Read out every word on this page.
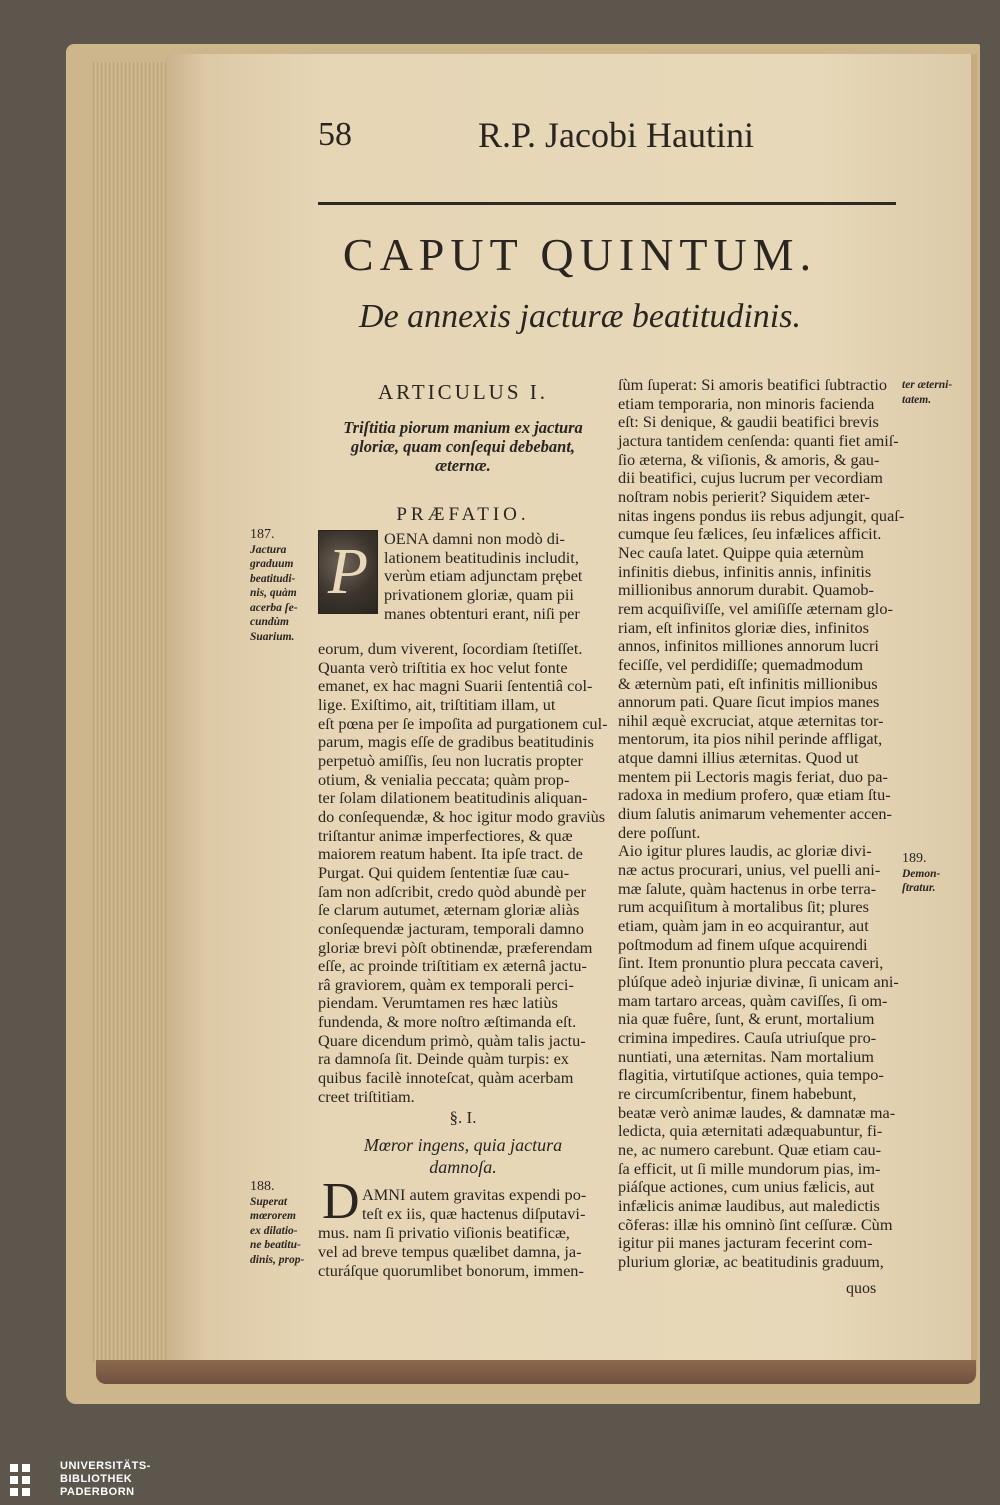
58	R.P. Jacobi Hautini
CAPUT QUINTUM.
De annexis jacturæ beatitudinis.
ARTICULUS I.
Triſtitia piorum manium ex jactura
gloriæ, quam conſequi debebant,
æternæ.
PRÆFATIO.
P OENA damni non modò di-
lationem beatitudinis includit,
verùm etiam adjunctam prębet
privationem gloriæ, quam pii
manes obtenturi erant, niſi per
eorum, dum viverent, ſocordiam ſtetiſſet.
Quanta verò triſtitia ex hoc velut fonte
emanet, ex hac magni Suarii ſententiâ col-
lige. Exiſtimo, ait, triſtitiam illam, ut
eſt pœna per ſe impoſita ad purgationem cul-
parum, magis eſſe de gradibus beatitudinis
perpetuò amiſſis, ſeu non lucratis propter
otium, & venialia peccata; quàm prop-
ter ſolam dilationem beatitudinis aliquan-
do conſequendæ, & hoc igitur modo graviùs
triſtantur animæ imperfectiores, & quæ
maiorem reatum habent. Ita ipſe tract. de
Purgat. Qui quidem ſententiæ ſuæ cau-
ſam non adſcribit, credo quòd abundè per
ſe clarum autumet, æternam gloriæ aliàs
conſequendæ jacturam, temporali damno
gloriæ brevi pòſt obtinendæ, præferendam
eſſe, ac proinde triſtitiam ex æternâ jactu-
râ graviorem, quàm ex temporali perci-
piendam. Verumtamen res hæc latiùs
fundenda, & more noſtro æſtimanda eſt.
Quare dicendum primò, quàm talis jactu-
ra damnoſa ſit. Deinde quàm turpis: ex
quibus facilè innoteſcat, quàm acerbam
creet triſtitiam.
§. I.
Mœror ingens, quia jactura
damnoſa.
D AMNI autem gravitas expendi po-
teſt ex iis, quæ hactenus diſputavi-
mus. nam ſi privatio viſionis beatificæ,
vel ad breve tempus quælibet damna, ja-
cturáſque quorumlibet bonorum, immen-
ſùm ſuperat: Si amoris beatifici ſubtractio
etiam temporaria, non minoris facienda
eſt: Si denique, & gaudii beatifici brevis
jactura tantidem cenſenda: quanti fiet amiſ-
ſio æterna, & viſionis, & amoris, & gau-
dii beatifici, cujus lucrum per vecordiam
noſtram nobis perierit? Siquidem æter-
nitas ingens pondus iis rebus adjungit, quaſ-
cumque ſeu fælices, ſeu infælices afficit.
Nec cauſa latet. Quippe quia æternùm
infinitis diebus, infinitis annis, infinitis
millionibus annorum durabit. Quamob-
rem acquiſiviſſe, vel amiſiſſe æternam glo-
riam, eſt infinitos gloriæ dies, infinitos
annos, infinitos milliones annorum lucri
feciſſe, vel perdidiſſe; quemadmodum
& æternùm pati, eſt infinitis millionibus
annorum pati. Quare ſicut impios manes
nihil æquè excruciat, atque æternitas tor-
mentorum, ita pios nihil perinde affligat,
atque damni illius æternitas. Quod ut
mentem pii Lectoris magis feriat, duo pa-
radoxa in medium profero, quæ etiam ſtu-
dium ſalutis animarum vehementer accen-
dere poſſunt.
Aio igitur plures laudis, ac gloriæ divi-
næ actus procurari, unius, vel puelli ani-
mæ ſalute, quàm hactenus in orbe terra-
rum acquiſitum à mortalibus ſit; plures
etiam, quàm jam in eo acquirantur, aut
poſtmodum ad finem uſque acquirendi
ſint. Item pronuntio plura peccata caveri,
plúſque adeò injuriæ divinæ, ſi unicam ani-
mam tartaro arceas, quàm caviſſes, ſi om-
nia quæ fuêre, ſunt, & erunt, mortalium
crimina impedires. Cauſa utriuſque pro-
nuntiati, una æternitas. Nam mortalium
flagitia, virtutiſque actiones, quia tempo-
re circumſcribentur, finem habebunt,
beatæ verò animæ laudes, & damnatæ ma-
ledicta, quia æternitati adæquabuntur, fi-
ne, ac numero carebunt. Quæ etiam cau-
ſa efficit, ut ſi mille mundorum pias, im-
piáſque actiones, cum unius fælicis, aut
infælicis animæ laudibus, aut maledictis
cõferas: illæ his omninò ſint ceſſuræ. Cùm
igitur pii manes jacturam fecerint com-
plurium gloriæ, ac beatitudinis graduum,
quos
187.
Jactura
graduum
beatitudi-
nis, quàm
acerba ſe-
cundùm
Suarium.
188.
Superat
mœrorem
ex dilatio-
ne beatitu-
dinis, prop-
ter æterni-
tatem.
189.
Demon-
ſtratur.
UNIVERSITÄTS-
BIBLIOTHEK
PADERBORN
